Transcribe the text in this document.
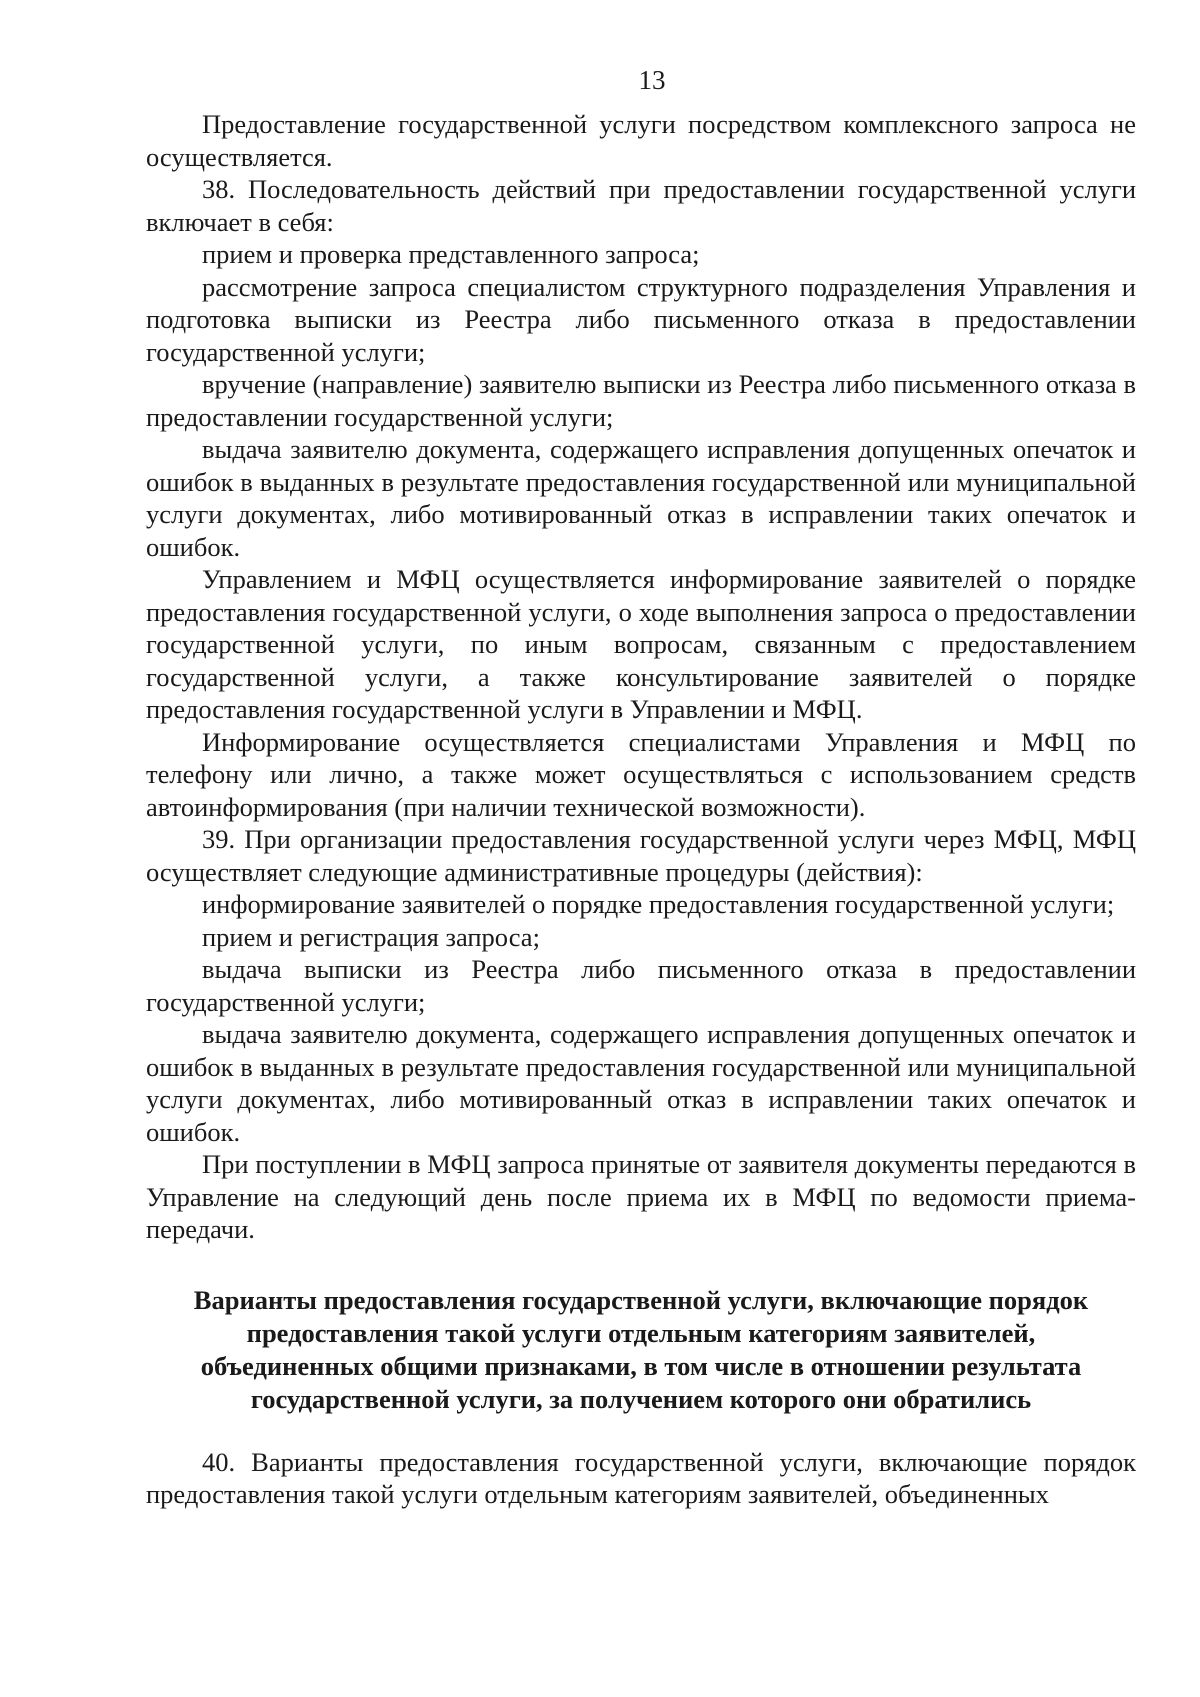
13

Предоставление государственной услуги посредством комплексного запроса не осуществляется.

38. Последовательность действий при предоставлении государственной услуги включает в себя:

прием и проверка представленного запроса;

рассмотрение запроса специалистом структурного подразделения Управления и подготовка выписки из Реестра либо письменного отказа в предоставлении государственной услуги;

вручение (направление) заявителю выписки из Реестра либо письменного отказа в предоставлении государственной услуги;

выдача заявителю документа, содержащего исправления допущенных опечаток и ошибок в выданных в результате предоставления государственной или муниципальной услуги документах, либо мотивированный отказ в исправлении таких опечаток и ошибок.

Управлением и МФЦ осуществляется информирование заявителей о порядке предоставления государственной услуги, о ходе выполнения запроса о предоставлении государственной услуги, по иным вопросам, связанным с предоставлением государственной услуги, а также консультирование заявителей о порядке предоставления государственной услуги в Управлении и МФЦ.

Информирование осуществляется специалистами Управления и МФЦ по телефону или лично, а также может осуществляться с использованием средств автоинформирования (при наличии технической возможности).

39. При организации предоставления государственной услуги через МФЦ, МФЦ осуществляет следующие административные процедуры (действия):

информирование заявителей о порядке предоставления государственной услуги;

прием и регистрация запроса;

выдача выписки из Реестра либо письменного отказа в предоставлении государственной услуги;

выдача заявителю документа, содержащего исправления допущенных опечаток и ошибок в выданных в результате предоставления государственной или муниципальной услуги документах, либо мотивированный отказ в исправлении таких опечаток и ошибок.

При поступлении в МФЦ запроса принятые от заявителя документы передаются в Управление на следующий день после приема их в МФЦ по ведомости приема-передачи.

Варианты предоставления государственной услуги, включающие порядок
предоставления такой услуги отдельным категориям заявителей,
объединенных общими признаками, в том числе в отношении результата
государственной услуги, за получением которого они обратились

40. Варианты предоставления государственной услуги, включающие порядок предоставления такой услуги отдельным категориям заявителей, объединенных
